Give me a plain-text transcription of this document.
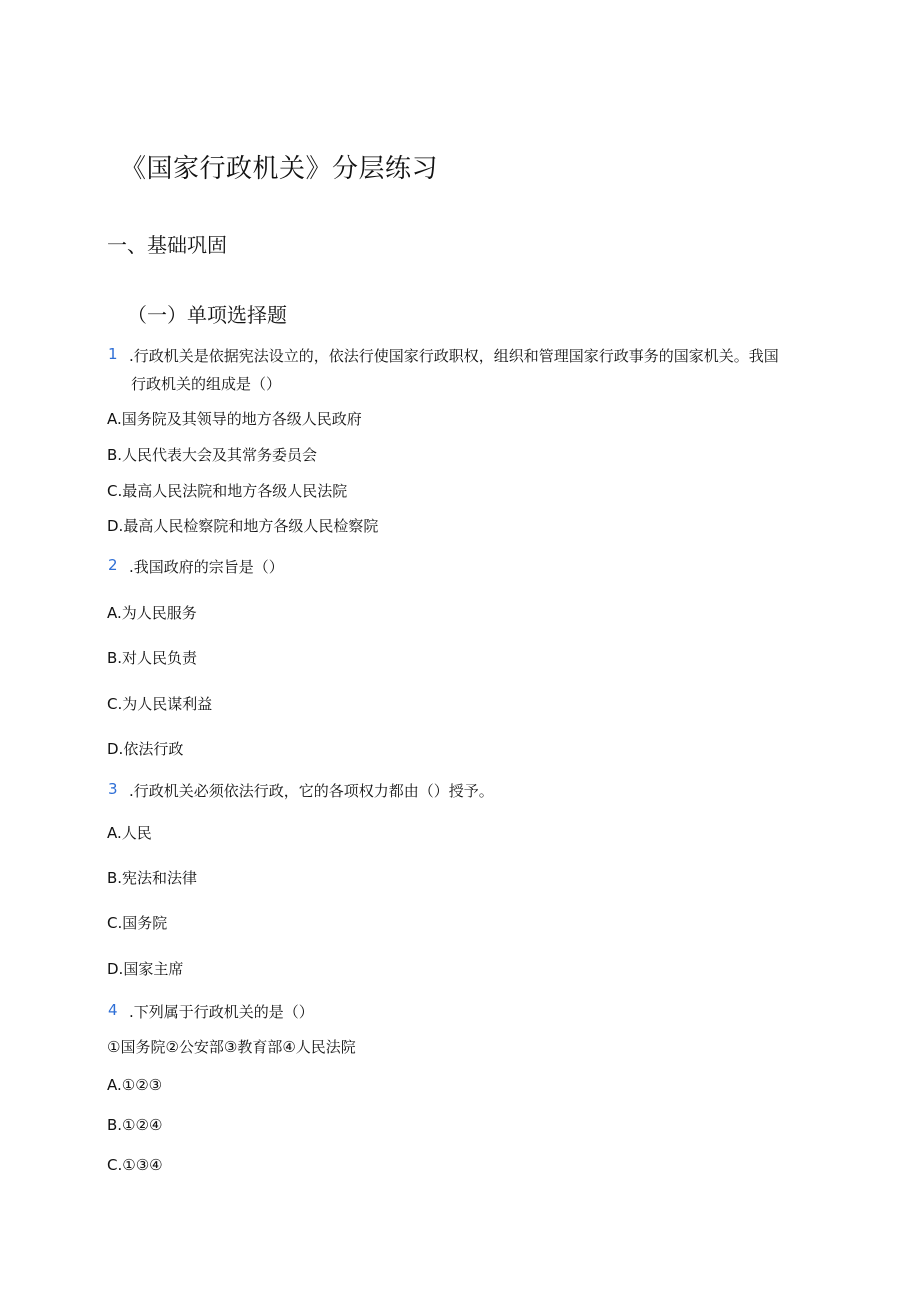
《国家行政机关》分层练习
一、基础巩固
（一）单项选择题
1 .行政机关是依据宪法设立的，依法行使国家行政职权，组织和管理国家行政事务的国家机关。我国
行政机关的组成是（）
A.国务院及其领导的地方各级人民政府
B.人民代表大会及其常务委员会
C.最高人民法院和地方各级人民法院
D.最高人民检察院和地方各级人民检察院
2 .我国政府的宗旨是（）
A.为人民服务
B.对人民负责
C.为人民谋利益
D.依法行政
3 .行政机关必须依法行政，它的各项权力都由（）授予。
A.人民
B.宪法和法律
C.国务院
D.国家主席
4 .下列属于行政机关的是（）
①国务院②公安部③教育部④人民法院
A.①②③
B.①②④
C.①③④
